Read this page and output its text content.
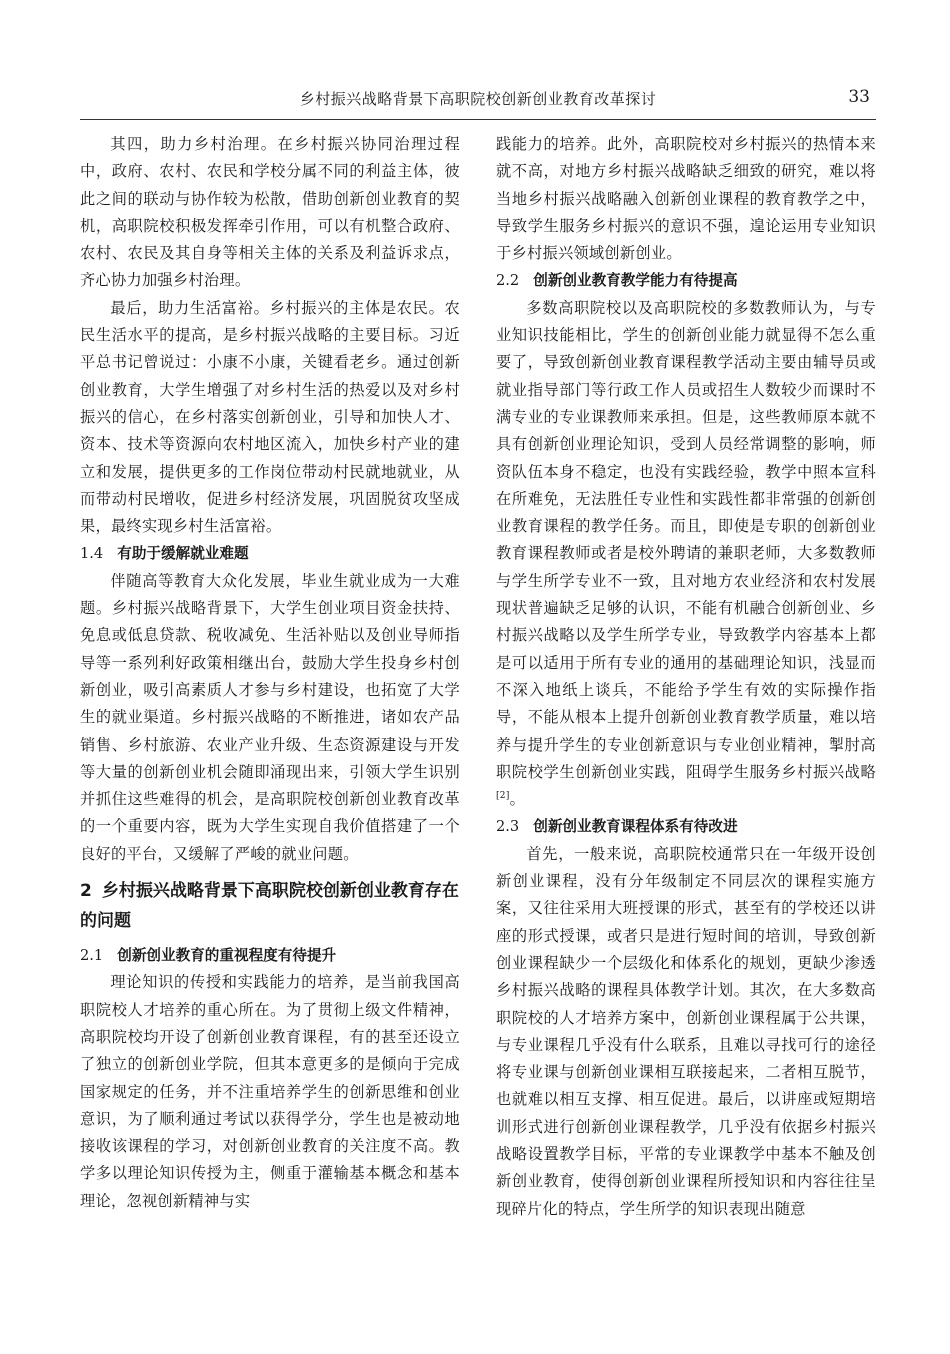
乡村振兴战略背景下高职院校创新创业教育改革探讨	33

其四，助力乡村治理。在乡村振兴协同治理过程中，政府、农村、农民和学校分属不同的利益主体，彼此之间的联动与协作较为松散，借助创新创业教育的契机，高职院校积极发挥牵引作用，可以有机整合政府、农村、农民及其自身等相关主体的关系及利益诉求点，齐心协力加强乡村治理。

最后，助力生活富裕。乡村振兴的主体是农民。农民生活水平的提高，是乡村振兴战略的主要目标。习近平总书记曾说过：小康不小康，关键看老乡。通过创新创业教育，大学生增强了对乡村生活的热爱以及对乡村振兴的信心，在乡村落实创新创业，引导和加快人才、资本、技术等资源向农村地区流入，加快乡村产业的建立和发展，提供更多的工作岗位带动村民就地就业，从而带动村民增收，促进乡村经济发展，巩固脱贫攻坚成果，最终实现乡村生活富裕。

1.4 有助于缓解就业难题

伴随高等教育大众化发展，毕业生就业成为一大难题。乡村振兴战略背景下，大学生创业项目资金扶持、免息或低息贷款、税收减免、生活补贴以及创业导师指导等一系列利好政策相继出台，鼓励大学生投身乡村创新创业，吸引高素质人才参与乡村建设，也拓宽了大学生的就业渠道。乡村振兴战略的不断推进，诸如农产品销售、乡村旅游、农业产业升级、生态资源建设与开发等大量的创新创业机会随即涌现出来，引领大学生识别并抓住这些难得的机会，是高职院校创新创业教育改革的一个重要内容，既为大学生实现自我价值搭建了一个良好的平台，又缓解了严峻的就业问题。

2 乡村振兴战略背景下高职院校创新创业教育存在的问题

2.1 创新创业教育的重视程度有待提升

理论知识的传授和实践能力的培养，是当前我国高职院校人才培养的重心所在。为了贯彻上级文件精神，高职院校均开设了创新创业教育课程，有的甚至还设立了独立的创新创业学院，但其本意更多的是倾向于完成国家规定的任务，并不注重培养学生的创新思维和创业意识，为了顺利通过考试以获得学分，学生也是被动地接收该课程的学习，对创新创业教育的关注度不高。教学多以理论知识传授为主，侧重于灌输基本概念和基本理论，忽视创新精神与实

践能力的培养。此外，高职院校对乡村振兴的热情本来就不高，对地方乡村振兴战略缺乏细致的研究，难以将当地乡村振兴战略融入创新创业课程的教育教学之中，导致学生服务乡村振兴的意识不强，遑论运用专业知识于乡村振兴领域创新创业。

2.2 创新创业教育教学能力有待提高

多数高职院校以及高职院校的多数教师认为，与专业知识技能相比，学生的创新创业能力就显得不怎么重要了，导致创新创业教育课程教学活动主要由辅导员或就业指导部门等行政工作人员或招生人数较少而课时不满专业的专业课教师来承担。但是，这些教师原本就不具有创新创业理论知识，受到人员经常调整的影响，师资队伍本身不稳定，也没有实践经验，教学中照本宣科在所难免，无法胜任专业性和实践性都非常强的创新创业教育课程的教学任务。而且，即使是专职的创新创业教育课程教师或者是校外聘请的兼职老师，大多数教师与学生所学专业不一致，且对地方农业经济和农村发展现状普遍缺乏足够的认识，不能有机融合创新创业、乡村振兴战略以及学生所学专业，导致教学内容基本上都是可以适用于所有专业的通用的基础理论知识，浅显而不深入地纸上谈兵，不能给予学生有效的实际操作指导，不能从根本上提升创新创业教育教学质量，难以培养与提升学生的专业创新意识与专业创业精神，掣肘高职院校学生创新创业实践，阻碍学生服务乡村振兴战略[2]。

2.3 创新创业教育课程体系有待改进

首先，一般来说，高职院校通常只在一年级开设创新创业课程，没有分年级制定不同层次的课程实施方案，又往往采用大班授课的形式，甚至有的学校还以讲座的形式授课，或者只是进行短时间的培训，导致创新创业课程缺少一个层级化和体系化的规划，更缺少渗透乡村振兴战略的课程具体教学计划。其次，在大多数高职院校的人才培养方案中，创新创业课程属于公共课，与专业课程几乎没有什么联系，且难以寻找可行的途径将专业课与创新创业课相互联接起来，二者相互脱节，也就难以相互支撑、相互促进。最后，以讲座或短期培训形式进行创新创业课程教学，几乎没有依据乡村振兴战略设置教学目标，平常的专业课教学中基本不触及创新创业教育，使得创新创业课程所授知识和内容往往呈现碎片化的特点，学生所学的知识表现出随意
